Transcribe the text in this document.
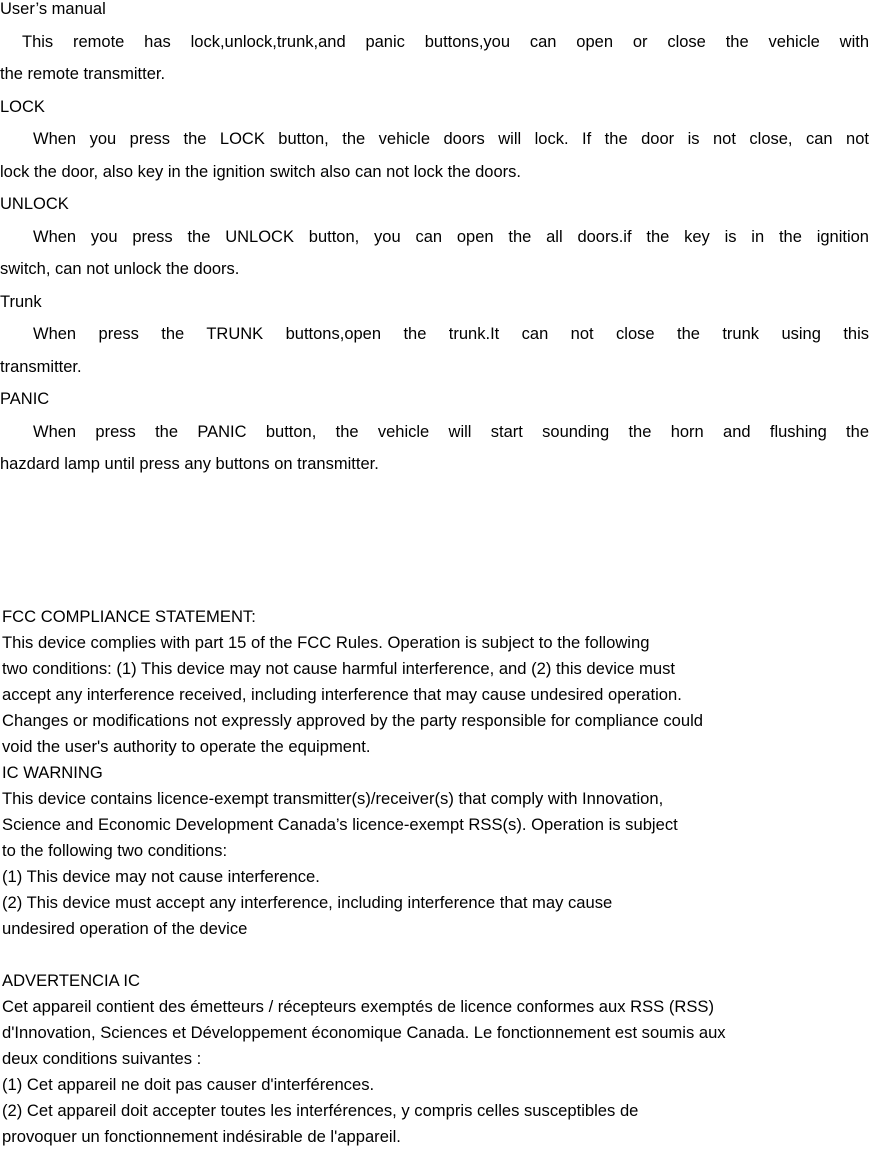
User’s manual

This remote has lock,unlock,trunk,and panic buttons,you can open or close the vehicle with

the remote transmitter.

LOCK

When you press the LOCK button, the vehicle doors will lock. If the door is not close, can not

lock the door, also key in the ignition switch also can not lock the doors.

UNLOCK

When you press the UNLOCK button, you can open the all doors.if the key is in the ignition

switch, can not unlock the doors.

Trunk

When press the TRUNK buttons,open the trunk.It can not close the trunk using this

transmitter.

PANIC

When press the PANIC button, the vehicle will start sounding the horn and flushing the

hazdard lamp until press any buttons on transmitter.

FCC COMPLIANCE STATEMENT:

This device complies with part 15 of the FCC Rules. Operation is subject to the following

two conditions: (1) This device may not cause harmful interference, and (2) this device must

accept any interference received, including interference that may cause undesired operation.

Changes or modifications not expressly approved by the party responsible for compliance could

void the user's authority to operate the equipment.

IC WARNING

This device contains licence-exempt transmitter(s)/receiver(s) that comply with Innovation,

Science and Economic Development Canada’s licence-exempt RSS(s). Operation is subject

to the following two conditions:

(1) This device may not cause interference.

(2) This device must accept any interference, including interference that may cause

undesired operation of the device

ADVERTENCIA IC

Cet appareil contient des émetteurs / récepteurs exemptés de licence conformes aux RSS (RSS)

d'Innovation, Sciences et Développement économique Canada. Le fonctionnement est soumis aux

deux conditions suivantes :

(1) Cet appareil ne doit pas causer d'interférences.

(2) Cet appareil doit accepter toutes les interférences, y compris celles susceptibles de

provoquer un fonctionnement indésirable de l'appareil.
